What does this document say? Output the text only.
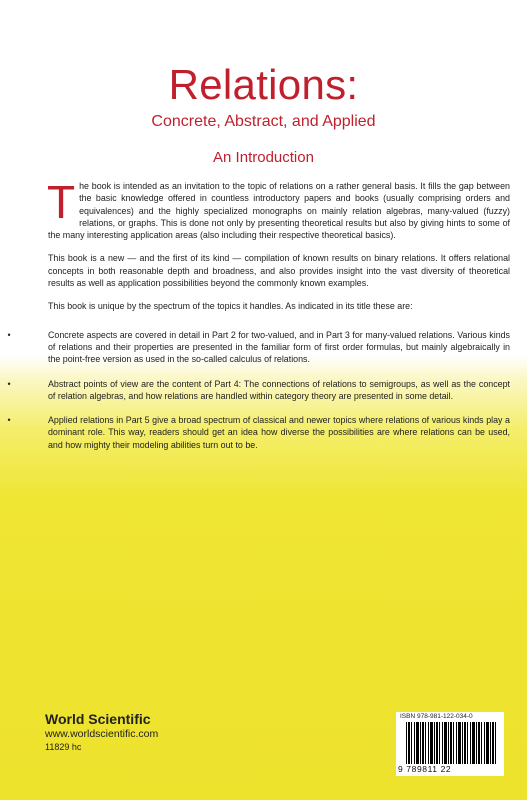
Relations:
Concrete, Abstract, and Applied
An Introduction

The book is intended as an invitation to the topic of relations on a rather general basis. It fills the gap between the basic knowledge offered in countless introductory papers and books (usually comprising orders and equivalences) and the highly specialized monographs on mainly relation algebras, many-valued (fuzzy) relations, or graphs. This is done not only by presenting theoretical results but also by giving hints to some of the many interesting application areas (also including their respective theoretical basics).

This book is a new — and the first of its kind — compilation of known results on binary relations. It offers relational concepts in both reasonable depth and broadness, and also provides insight into the vast diversity of theoretical results as well as application possibilities beyond the commonly known examples.

This book is unique by the spectrum of the topics it handles. As indicated in its title these are:

•	Concrete aspects are covered in detail in Part 2 for two-valued, and in Part 3 for many-valued relations. Various kinds of relations and their properties are presented in the familiar form of first order formulas, but mainly algebraically in the point-free version as used in the so-called calculus of relations.
•	Abstract points of view are the content of Part 4: The connections of relations to semigroups, as well as the concept of relation algebras, and how relations are handled within category theory are presented in some detail.
•	Applied relations in Part 5 give a broad spectrum of classical and newer topics where relations of various kinds play a dominant role. This way, readers should get an idea how diverse the possibilities are where relations can be used, and how mighty their modeling abilities turn out to be.
World Scientific
www.worldscientific.com
11829 hc
ISBN 978-981-122-034-0
9 789811 22
